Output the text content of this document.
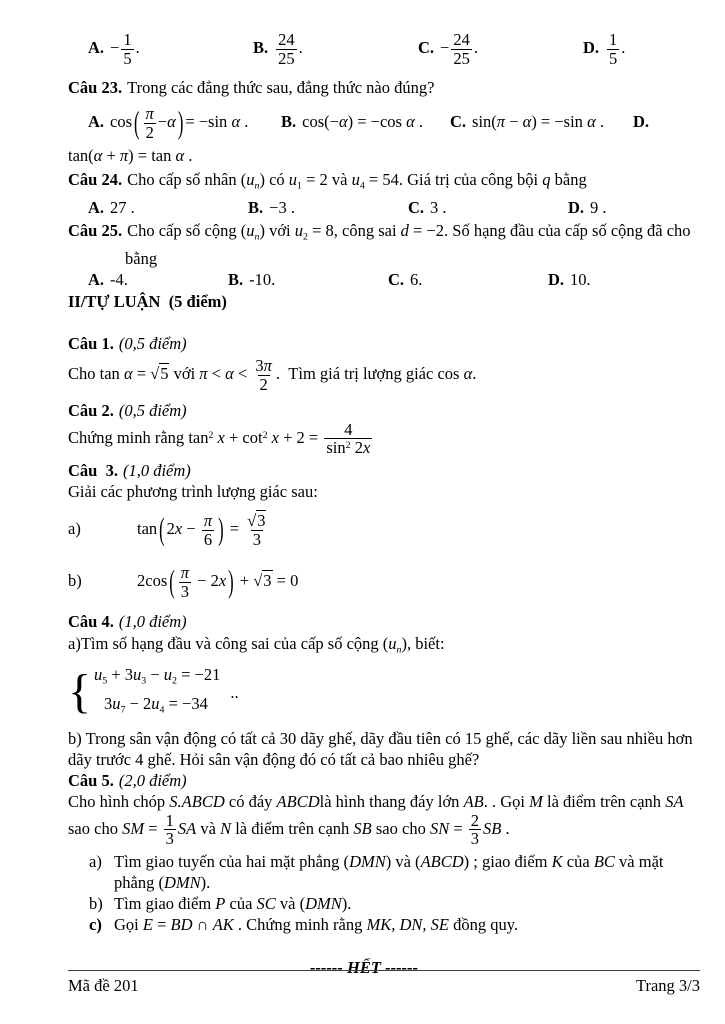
A. − $\frac{1}{5}$ .	B. $\frac{24}{25}$ .	C. − $\frac{24}{25}$ .	D. $\frac{1}{5}$ .
Câu 23. Trong các đẳng thức sau, đẳng thức nào đúng?
A. cos ( $\frac{\pi}{2} -\alpha$ ) = −sin α . B. cos(−α) = −cos α . C. sin(π − α) = −sin α . D.
tan(α + π) = tan α .
Câu 24. Cho cấp số nhân $(u_n)$ có $u_1 = 2$ và $u_4 = 54$. Giá trị của công bội q bằng
A. 27 .	B. −3 .	C. 3 .	D. 9 .
Câu 25. Cho cấp số cộng $(u_n)$ với $u_2 = 8$, công sai d = −2. Số hạng đầu của cấp số cộng đã cho
bằng
A. -4.	B. -10.	C. 6.	D. 10.
II/TỰ LUẬN  (5 điểm)
Câu 1. (0,5 điểm)
Cho tan α = √5 với $\pi < \alpha < \frac{3\pi}{2}$ .  Tìm giá trị lượng giác cos α.
Câu 2. (0,5 điểm)
Chứng minh rằng $\tan^2 x + \cot^2 x + 2 = \frac{4}{\sin^2 2x}$
Câu  3. (1,0 điểm)
Giải các phương trình lượng giác sau:
a)	tan ( $2x - \frac{\pi}{6}$ ) = $\frac{√3}{3}$
b)	2cos ( $\frac{\pi}{3} - 2x$ ) + √3 = 0
Câu 4. (1,0 điểm)
a)Tìm số hạng đầu và công sai của cấp số cộng $(u_n)$, biết:
{ $u_5 + 3u_3 - u_2 = -21$
$3u_7 - 2u_4 = -34$
..
b) Trong sân vận động có tất cả 30 dãy ghế, dãy đầu tiên có 15 ghế, các dãy liền sau nhiều hơn dãy trước 4 ghế. Hỏi sân vận động đó có tất cả bao nhiêu ghế?
Câu 5. (2,0 điểm)
Cho hình chóp S.ABCD có đáy ABCDlà hình thang đáy lớn AB. . Gọi M là điểm trên cạnh SA sao cho SM = $\frac{1}{3}$ SA và N là điểm trên cạnh SB sao cho SN = $\frac{2}{3}$ SB .
a) Tìm giao tuyến của hai mặt phẳng (DMN) và (ABCD) ; giao điểm K của BC và mặt phẳng (DMN).
b) Tìm giao điểm P của SC và (DMN).
c) Gọi E = BD ∩ AK . Chứng minh rằng MK, DN, SE đồng quy.
------ HẾT ------
Mã đề 201	Trang 3/3
